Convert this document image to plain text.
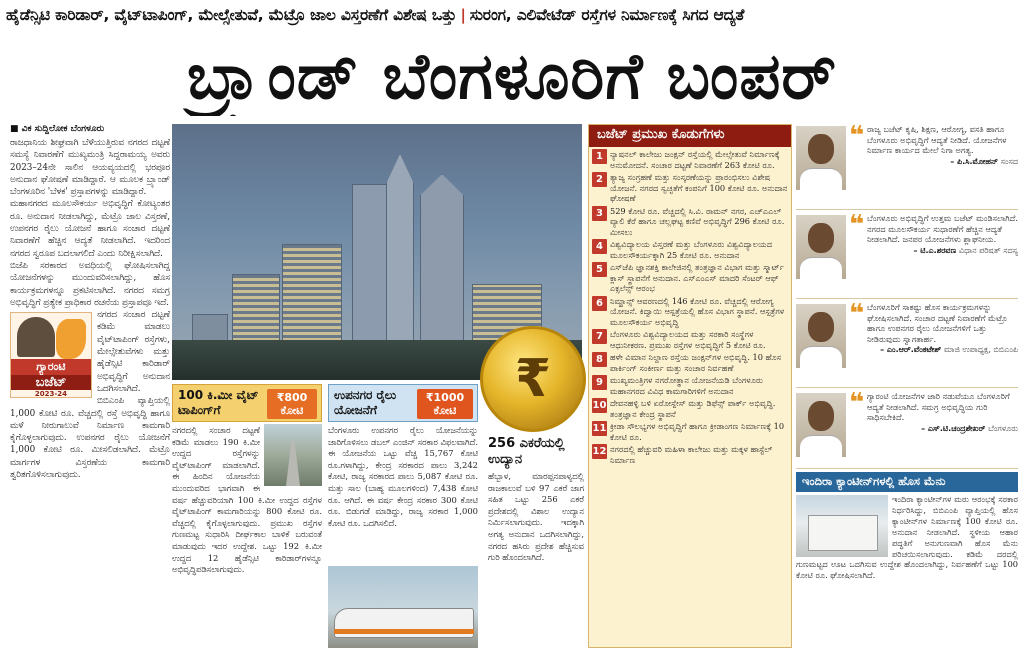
ಹೈಡೆನ್ಸಿಟಿ ಕಾರಿಡಾರ್, ವೈಟ್‌ಟಾಪಿಂಗ್, ಮೇಲ್ಸೇತುವೆ, ಮೆಟ್ರೊ ಜಾಲ ವಿಸ್ತರಣೆಗೆ ವಿಶೇಷ ಒತ್ತು | ಸುರಂಗ, ಎಲಿವೇಟೆಡ್ ರಸ್ತೆಗಳ ನಿರ್ಮಾಣಕ್ಕೆ ಸಿಗದ ಆದ್ಯತೆ
ಬ್ರ್ಯಾಂಡ್ ಬೆಂಗಳೂರಿಗೆ ಬಂಪರ್
■ ವಿಕ ಸುದ್ದಿಲೋಕ ಬೆಂಗಳೂರು

ರಾಜಧಾನಿಯ ಶೀಘ್ರವಾಗಿ ಬೆಳೆಯುತ್ತಿರುವ ನಗರದ ದಟ್ಟಣೆ ಸಮಸ್ಯೆ ನಿವಾರಣೆಗೆ ಮುಖ್ಯಮಂತ್ರಿ ಸಿದ್ದರಾಮಯ್ಯ ಅವರು 2023–24ನೇ ಸಾಲಿನ ಆಯವ್ಯಯದಲ್ಲಿ ಭರಪೂರ ಅನುದಾನ ಘೋಷಣೆ ಮಾಡಿದ್ದಾರೆ. ಆ ಮೂಲಕ ಬ್ರ್ಯಾಂಡ್ ಬೆಂಗಳೂರಿನ 'ಬೆಳಕ' ಪ್ರಸ್ತಾಪಗಳನ್ನು ಮಾಡಿದ್ದಾರೆ.

ಮಹಾನಗರದ ಮೂಲಸೌಕರ್ಯ ಅಭಿವೃದ್ಧಿಗೆ ಕೋಟ್ಯಂತರ ರೂ. ಅನುದಾನ ನೀಡಲಾಗಿದ್ದು, ಮೆಟ್ರೊ ಜಾಲ ವಿಸ್ತರಣೆ, ಉಪನಗರ ರೈಲು ಯೋಜನೆ ಹಾಗೂ ಸಂಚಾರ ದಟ್ಟಣೆ ನಿವಾರಣೆಗೆ ಹೆಚ್ಚಿನ ಆದ್ಯತೆ ನೀಡಲಾಗಿದೆ. ಇದರಿಂದ ನಗರದ ಸ್ವರೂಪ ಬದಲಾಗಲಿದೆ ಎಂದು ನಿರೀಕ್ಷಿಸಲಾಗಿದೆ.

ಬಿಜೆಪಿ ಸರಕಾರದ ಅವಧಿಯಲ್ಲಿ ಘೋಷಿಸಲಾಗಿದ್ದ ಯೋಜನೆಗಳನ್ನು ಮುಂದುವರಿಸಲಾಗಿದ್ದು, ಹೊಸ ಕಾರ್ಯಕ್ರಮಗಳನ್ನೂ ಪ್ರಕಟಿಸಲಾಗಿದೆ. ನಗರದ ಸಮಗ್ರ ಅಭಿವೃದ್ಧಿಗೆ ಪ್ರತ್ಯೇಕ ಪ್ರಾಧಿಕಾರ ರಚನೆಯ ಪ್ರಸ್ತಾಪವೂ ಇದೆ.

ಗ್ಯಾರಂಟಿ
ಬಜೆಟ್
2023-24

ನಗರದ ಸಂಚಾರ ದಟ್ಟಣೆ ಕಡಿಮೆ ಮಾಡಲು ವೈಟ್‌ಟಾಪಿಂಗ್ ರಸ್ತೆಗಳು, ಮೇಲ್ಸೇತುವೆಗಳು ಮತ್ತು ಹೈಡೆನ್ಸಿಟಿ ಕಾರಿಡಾರ್ ಅಭಿವೃದ್ಧಿಗೆ ಅನುದಾನ ಒದಗಿಸಲಾಗಿದೆ. ಬಿಬಿಎಂಪಿ ವ್ಯಾಪ್ತಿಯಲ್ಲಿ 1,000 ಕೋಟಿ ರೂ. ವೆಚ್ಚದಲ್ಲಿ ರಸ್ತೆ ಅಭಿವೃದ್ಧಿ ಹಾಗೂ ಮಳೆ ನೀರುಗಾಲುವೆ ನಿರ್ಮಾಣ ಕಾಮಗಾರಿ ಕೈಗೊಳ್ಳಲಾಗುವುದು. ಉಪನಗರ ರೈಲು ಯೋಜನೆಗೆ 1,000 ಕೋಟಿ ರೂ. ಮೀಸಲಿಡಲಾಗಿದೆ. ಮೆಟ್ರೊ ಮಾರ್ಗಗಳ ವಿಸ್ತರಣೆಯ ಕಾಮಗಾರಿ ತ್ವರಿತಗೊಳಿಸಲಾಗುವುದು.

100 ಕಿ.ಮೀ ವೈಟ್ ಟಾಪಿಂಗ್‌ಗೆ
₹800 ಕೋಟಿ

ನಗರದಲ್ಲಿ ಸಂಚಾರ ದಟ್ಟಣೆ ಕಡಿಮೆ ಮಾಡಲು 190 ಕಿ.ಮೀ ಉದ್ದದ ರಸ್ತೆಗಳನ್ನು ವೈಟ್‌ಟಾಪಿಂಗ್ ಮಾಡಲಾಗಿದೆ. ಈ ಹಿಂದಿನ ಯೋಜನೆಯ ಮುಂದುವರಿದ ಭಾಗವಾಗಿ ಈ ವರ್ಷ ಹೆಚ್ಚುವರಿಯಾಗಿ 100 ಕಿ.ಮೀ ಉದ್ದದ ರಸ್ತೆಗಳ ವೈಟ್‌ಟಾಪಿಂಗ್ ಕಾಮಗಾರಿಯನ್ನು 800 ಕೋಟಿ ರೂ. ವೆಚ್ಚದಲ್ಲಿ ಕೈಗೊಳ್ಳಲಾಗುವುದು. ಪ್ರಮುಖ ರಸ್ತೆಗಳ ಗುಣಮಟ್ಟ ಸುಧಾರಿಸಿ ದೀರ್ಘಕಾಲ ಬಾಳಿಕೆ ಬರುವಂತೆ ಮಾಡುವುದು ಇದರ ಉದ್ದೇಶ. ಒಟ್ಟು 192 ಕಿ.ಮೀ ಉದ್ದದ 12 ಹೈಡೆನ್ಸಿಟಿ ಕಾರಿಡಾರ್‌ಗಳನ್ನೂ ಅಭಿವೃದ್ಧಿಪಡಿಸಲಾಗುವುದು.

ಉಪನಗರ ರೈಲು ಯೋಜನೆಗೆ
₹1000 ಕೋಟಿ

ಬೆಂಗಳೂರು ಉಪನಗರ ರೈಲು ಯೋಜನೆಯನ್ನು ಜಾರಿಗೊಳಿಸಲು ಡಬಲ್ ಎಂಜಿನ್ ಸರಕಾರ ವಿಫಲವಾಗಿದೆ. ಈ ಯೋಜನೆಯ ಒಟ್ಟು ವೆಚ್ಚ 15,767 ಕೋಟಿ ರೂ.ಗಳಾಗಿದ್ದು, ಕೇಂದ್ರ ಸರಕಾರದ ಪಾಲು 3,242 ಕೋಟಿ, ರಾಜ್ಯ ಸರಕಾರದ ಪಾಲು 5,087 ಕೋಟಿ ರೂ. ಮತ್ತು ಸಾಲ (ಬಾಹ್ಯ ಮೂಲಗಳಿಂದ) 7,438 ಕೋಟಿ ರೂ. ಆಗಿದೆ. ಈ ವರ್ಷ ಕೇಂದ್ರ ಸರಕಾರ 300 ಕೋಟಿ ರೂ. ಬಿಡುಗಡೆ ಮಾಡಿದ್ದು, ರಾಜ್ಯ ಸರಕಾರ 1,000 ಕೋಟಿ ರೂ. ಒದಗಿಸಲಿದೆ.

₹
256 ಎಕರೆಯಲ್ಲಿ ಉದ್ಯಾನ

ಹೆಬ್ಬಾಳ, ಮಾರಪ್ಪನಪಾಳ್ಯದಲ್ಲಿ ರಾಜಕಾಲುವೆ ಬಳಿ 97 ಎಕರೆ ಜಾಗ ಸಹಿತ ಒಟ್ಟು 256 ಎಕರೆ ಪ್ರದೇಶದಲ್ಲಿ ವಿಶಾಲ ಉದ್ಯಾನ ನಿರ್ಮಿಸಲಾಗುವುದು. ಇದಕ್ಕಾಗಿ ಅಗತ್ಯ ಅನುದಾನ ಒದಗಿಸಲಾಗಿದ್ದು, ನಗರದ ಹಸಿರು ಪ್ರದೇಶ ಹೆಚ್ಚಿಸುವ ಗುರಿ ಹೊಂದಲಾಗಿದೆ.

ಬಜೆಟ್ ಪ್ರಮುಖ ಕೊಡುಗೆಗಳು
1 ನ್ಯಾಷನಲ್ ಕಾಲೇಜು ಜಂಕ್ಷನ್ ರಸ್ತೆಯಲ್ಲಿ ಮೇಲ್ಸೇತುವೆ ನಿರ್ಮಾಣಕ್ಕೆ ಅನುಮೋದನೆ. ಸಂಚಾರ ದಟ್ಟಣೆ ನಿವಾರಣೆಗೆ 263 ಕೋಟಿ ರೂ.
2 ತ್ಯಾಜ್ಯ ಸಂಗ್ರಹಣೆ ಮತ್ತು ಸಂಸ್ಕರಣೆಯನ್ನು ಪ್ರಾರಂಭಿಸಲು ವಿಶೇಷ ಯೋಜನೆ. ನಗರದ ಸ್ವಚ್ಛತೆಗೆ ಕಂಪನಿಗೆ 100 ಕೋಟಿ ರೂ. ಅನುದಾನ ಘೋಷಣೆ
3 529 ಕೋಟಿ ರೂ. ವೆಚ್ಚದಲ್ಲಿ ಸಿ.ವಿ. ರಾಮನ್ ನಗರ, ಎಚ್‌ಎಎಲ್ ವ್ಯಾಲಿ ಕೆರೆ ಹಾಗೂ ಚಲ್ಲಘಟ್ಟ ಕಣಿವೆ ಅಭಿವೃದ್ಧಿಗೆ 296 ಕೋಟಿ ರೂ. ಮೀಸಲು
4 ವಿಶ್ವವಿದ್ಯಾಲಯ ವಿಸ್ತರಣೆ ಮತ್ತು ಬೆಂಗಳೂರು ವಿಶ್ವವಿದ್ಯಾಲಯದ ಮೂಲಸೌಕರ್ಯಕ್ಕಾಗಿ 25 ಕೋಟಿ ರೂ. ಅನುದಾನ
5 ಎಸ್‌ಜೆಪಿ ಜ್ಞಾನಶಕ್ತಿ ಕಾಲೇಜಿನಲ್ಲಿ ತಂತ್ರಜ್ಞಾನ ವಿಭಾಗ ಮತ್ತು ಸ್ಮಾರ್ಟ್ ಕ್ಲಾಸ್ ಸ್ಥಾಪನೆಗೆ ಅನುದಾನ. ಎಸ್‌ಎಂಎಸ್ ಮಾದರಿ ಸೆಂಟರ್ ಆಫ್ ಎಕ್ಸಲೆನ್ಸ್ ಆರಂಭ
6 ನಿಮ್ಹಾನ್ಸ್ ಆವರಣದಲ್ಲಿ 146 ಕೋಟಿ ರೂ. ವೆಚ್ಚದಲ್ಲಿ ಆರೋಗ್ಯ ಯೋಜನೆ. ಕಿದ್ವಾಯಿ ಆಸ್ಪತ್ರೆಯಲ್ಲಿ ಹೊಸ ವಿಭಾಗ ಸ್ಥಾಪನೆ. ಆಸ್ಪತ್ರೆಗಳ ಮೂಲಸೌಕರ್ಯ ಅಭಿವೃದ್ಧಿ
7 ಬೆಂಗಳೂರು ವಿಶ್ವವಿದ್ಯಾಲಯದ ಮತ್ತು ಸರಕಾರಿ ಸಂಸ್ಥೆಗಳ ಆಧುನೀಕರಣ. ಪ್ರಮುಖ ರಸ್ತೆಗಳ ಅಭಿವೃದ್ಧಿಗೆ 5 ಕೋಟಿ ರೂ.
8 ಹಳೇ ವಿಮಾನ ನಿಲ್ದಾಣ ರಸ್ತೆಯ ಜಂಕ್ಷನ್‌ಗಳ ಅಭಿವೃದ್ಧಿ. 10 ಹೊಸ ಪಾರ್ಕಿಂಗ್ ಸಂಕೀರ್ಣ ಮತ್ತು ಸಂಚಾರ ನಿರ್ವಹಣೆ
9 ಮುಖ್ಯಮಂತ್ರಿಗಳ ನಗರೋತ್ಥಾನ ಯೋಜನೆಯಡಿ ಬೆಂಗಳೂರು ಮಹಾನಗರದ ವಿವಿಧ ಕಾಮಗಾರಿಗಳಿಗೆ ಅನುದಾನ
10 ದೇವನಹಳ್ಳಿ ಬಳಿ ಏರೋಸ್ಪೇಸ್ ಮತ್ತು ಡಿಫೆನ್ಸ್ ಪಾರ್ಕ್ ಅಭಿವೃದ್ಧಿ. ತಂತ್ರಜ್ಞಾನ ಕೇಂದ್ರ ಸ್ಥಾಪನೆ
11 ಕ್ರೀಡಾ ಸೌಲಭ್ಯಗಳ ಅಭಿವೃದ್ಧಿಗೆ ಹಾಗೂ ಕ್ರೀಡಾಂಗಣ ನಿರ್ಮಾಣಕ್ಕೆ 10 ಕೋಟಿ ರೂ.
12 ನಗರದಲ್ಲಿ ಹೆಚ್ಚುವರಿ ಮಹಿಳಾ ಕಾಲೇಜು ಮತ್ತು ಮಕ್ಕಳ ಹಾಸ್ಟೆಲ್ ನಿರ್ಮಾಣ
❝ ರಾಜ್ಯ ಬಜೆಟ್ ಕೃಷಿ, ಶಿಕ್ಷಣ, ಆರೋಗ್ಯ, ವಸತಿ ಹಾಗೂ ಬೆಂಗಳೂರು ಅಭಿವೃದ್ಧಿಗೆ ಆದ್ಯತೆ ನೀಡಿದೆ. ಯೋಜನೆಗಳ ನಿರ್ಮಾಣ ಕಾರ್ಯದ ಮೇಲೆ ನಿಗಾ ಅಗತ್ಯ.
– ಪಿ.ಸಿ.ಮೋಹನ್ ಸಂಸದ
❝ ಬೆಂಗಳೂರು ಅಭಿವೃದ್ಧಿಗೆ ಉತ್ತಮ ಬಜೆಟ್ ಮಂಡಿಸಲಾಗಿದೆ. ನಗರದ ಮೂಲಸೌಕರ್ಯ ಸುಧಾರಣೆಗೆ ಹೆಚ್ಚಿನ ಆದ್ಯತೆ ನೀಡಲಾಗಿದೆ. ಜನಪರ ಯೋಜನೆಗಳು ಶ್ಲಾಘನೀಯ.
– ಟಿ.ಎ.ಶರವಣ ವಿಧಾನ ಪರಿಷತ್ ಸದಸ್ಯ
❝ ಬೆಂಗಳೂರಿಗೆ ಸಾಕಷ್ಟು ಹೊಸ ಕಾರ್ಯಕ್ರಮಗಳನ್ನು ಘೋಷಿಸಲಾಗಿದೆ. ಸಂಚಾರ ದಟ್ಟಣೆ ನಿವಾರಣೆಗೆ ಮೆಟ್ರೊ ಹಾಗೂ ಉಪನಗರ ರೈಲು ಯೋಜನೆಗಳಿಗೆ ಒತ್ತು ನೀಡಿರುವುದು ಸ್ವಾಗತಾರ್ಹ.
– ಎಂ.ಆರ್.ವೆಂಕಟೇಶ್ ಮಾಜಿ ಉಪಾಧ್ಯಕ್ಷ, ಬಿಬಿಎಂಪಿ
❝ ಗ್ಯಾರಂಟಿ ಯೋಜನೆಗಳ ಜಾರಿ ನಡುವೆಯೂ ಬೆಂಗಳೂರಿಗೆ ಆದ್ಯತೆ ನೀಡಲಾಗಿದೆ. ಸಮಗ್ರ ಅಭಿವೃದ್ಧಿಯ ಗುರಿ ಸಾಧಿಸಬೇಕಿದೆ.
– ಎಸ್.ಟಿ.ಚಂದ್ರಶೇಖರ್ ಬೆಂಗಳೂರು
ಇಂದಿರಾ ಕ್ಯಾಂಟೀನ್‌ಗಳಲ್ಲಿ ಹೊಸ ಮೆನು

ಇಂದಿರಾ ಕ್ಯಾಂಟೀನ್‌ಗಳ ಮರು ಆರಂಭಕ್ಕೆ ಸರಕಾರ ನಿರ್ಧರಿಸಿದ್ದು, ಬಿಬಿಎಂಪಿ ವ್ಯಾಪ್ತಿಯಲ್ಲಿ ಹೊಸ ಕ್ಯಾಂಟೀನ್‌ಗಳ ನಿರ್ಮಾಣಕ್ಕೆ 100 ಕೋಟಿ ರೂ. ಅನುದಾನ ನೀಡಲಾಗಿದೆ. ಸ್ಥಳೀಯ ಆಹಾರ ಪದ್ಧತಿಗೆ ಅನುಗುಣವಾಗಿ ಹೊಸ ಮೆನು ಪರಿಚಯಿಸಲಾಗುವುದು. ಕಡಿಮೆ ದರದಲ್ಲಿ ಗುಣಮಟ್ಟದ ಊಟ ಒದಗಿಸುವ ಉದ್ದೇಶ ಹೊಂದಲಾಗಿದ್ದು, ನಿರ್ವಹಣೆಗೆ ಒಟ್ಟು 100 ಕೋಟಿ ರೂ. ಘೋಷಿಸಲಾಗಿದೆ.
